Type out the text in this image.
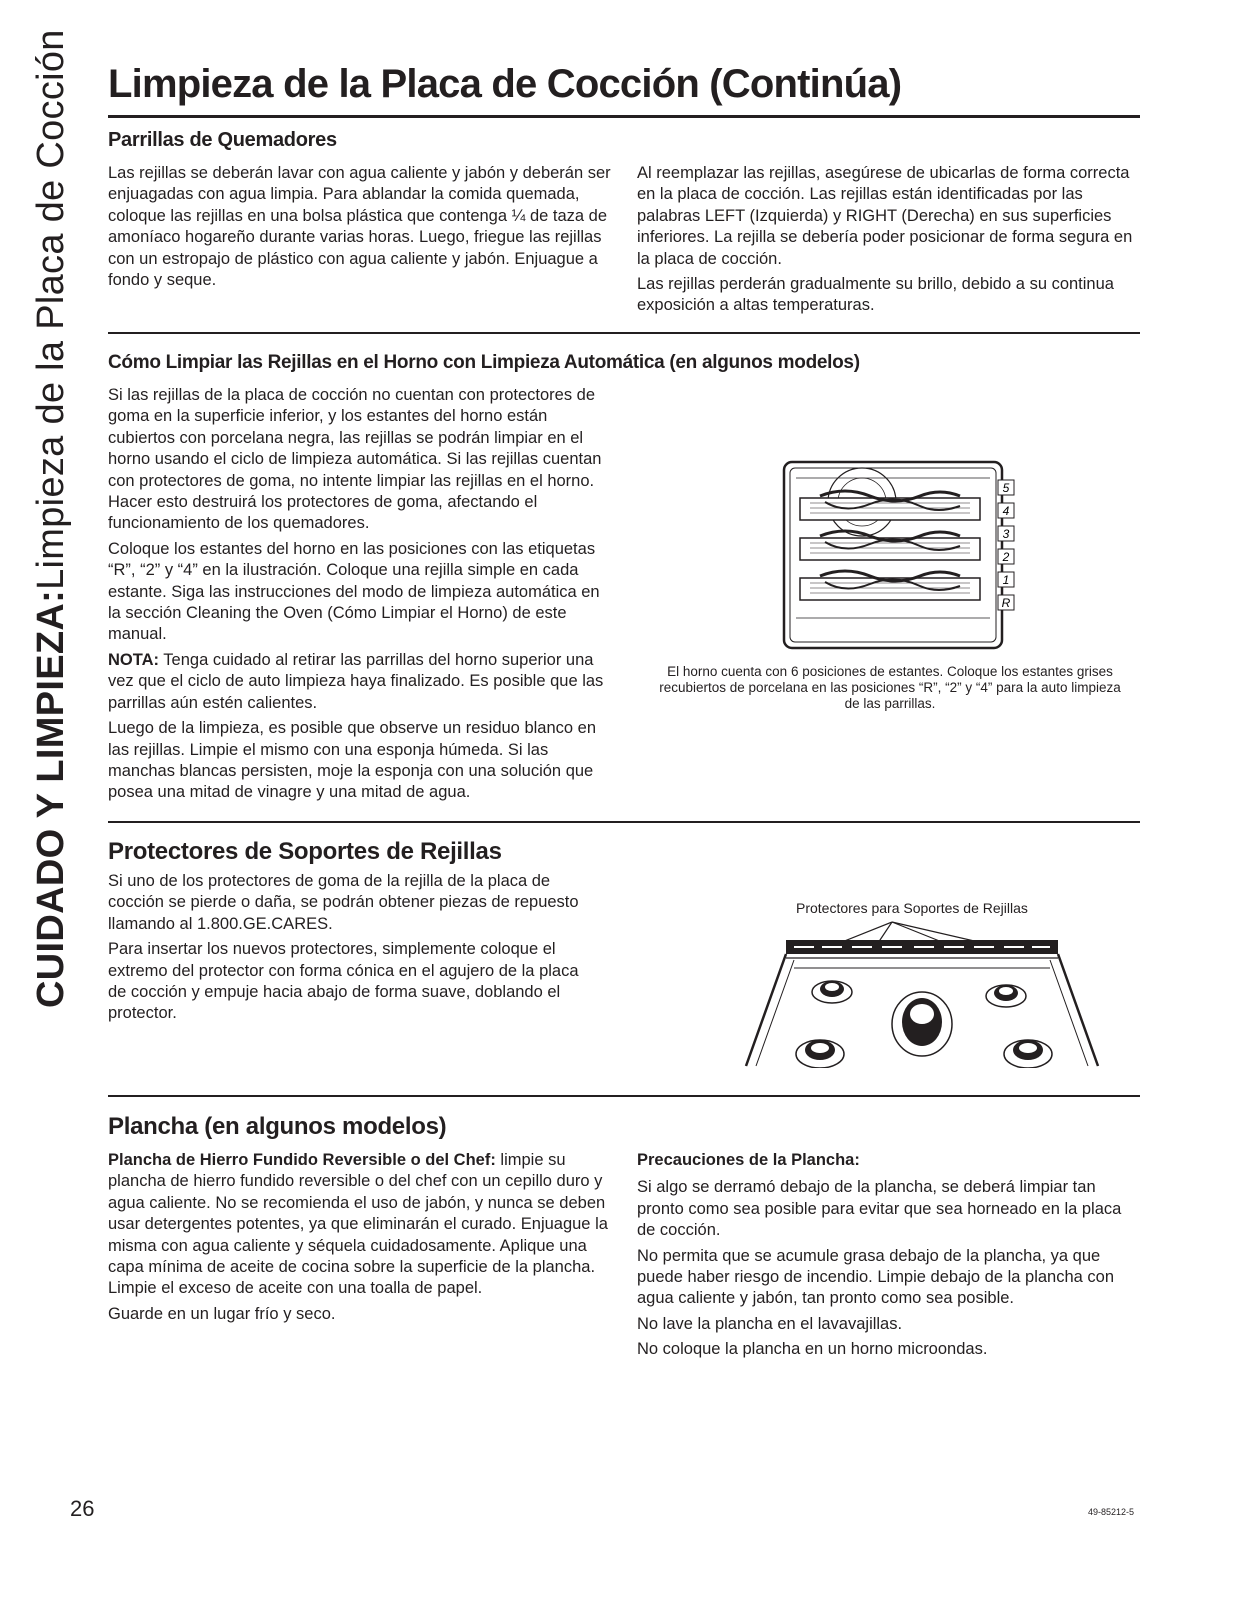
CUIDADO Y LIMPIEZA:Limpieza de la Placa de Cocción Limpieza de la Placa de Cocción (Continúa)
Parrillas de Quemadores

Las rejillas se deberán lavar con agua caliente y jabón y deberán ser enjuagadas con agua limpia. Para ablandar la comida quemada, coloque las rejillas en una bolsa plástica que contenga ¼ de taza de amoníaco hogareño durante varias horas. Luego, friegue las rejillas con un estropajo de plástico con agua caliente y jabón. Enjuague a fondo y seque.

Al reemplazar las rejillas, asegúrese de ubicarlas de forma correcta en la placa de cocción. Las rejillas están identificadas por las palabras LEFT (Izquierda) y RIGHT (Derecha) en sus superficies inferiores. La rejilla se debería poder posicionar de forma segura en la placa de cocción.

Las rejillas perderán gradualmente su brillo, debido a su continua exposición a altas temperaturas.

Cómo Limpiar las Rejillas en el Horno con Limpieza Automática (en algunos modelos)

Si las rejillas de la placa de cocción no cuentan con protectores de goma en la superficie inferior, y los estantes del horno están cubiertos con porcelana negra, las rejillas se podrán limpiar en el horno usando el ciclo de limpieza automática. Si las rejillas cuentan con protectores de goma, no intente limpiar las rejillas en el horno. Hacer esto destruirá los protectores de goma, afectando el funcionamiento de los quemadores.

Coloque los estantes del horno en las posiciones con las etiquetas “R”, “2” y “4” en la ilustración. Coloque una rejilla simple en cada estante. Siga las instrucciones del modo de limpieza automática en la sección Cleaning the Oven (Cómo Limpiar el Horno) de este manual.

NOTA: Tenga cuidado al retirar las parrillas del horno superior una vez que el ciclo de auto limpieza haya finalizado. Es posible que las parrillas aún estén calientes.

Luego de la limpieza, es posible que observe un residuo blanco en las rejillas. Limpie el mismo con una esponja húmeda. Si las manchas blancas persisten, moje la esponja con una solución que posea una mitad de vinagre y una mitad de agua.

5
4
3
2
1
R
El horno cuenta con 6 posiciones de estantes. Coloque los estantes grises recubiertos de porcelana en las posiciones “R”, “2” y “4” para la auto limpieza de las parrillas.
Protectores de Soportes de Rejillas

Si uno de los protectores de goma de la rejilla de la placa de cocción se pierde o daña, se podrán obtener piezas de repuesto llamando al 1.800.GE.CARES.

Para insertar los nuevos protectores, simplemente coloque el extremo del protector con forma cónica en el agujero de la placa de cocción y empuje hacia abajo de forma suave, doblando el protector.

Protectores para Soportes de Rejillas
Plancha (en algunos modelos)

Plancha de Hierro Fundido Reversible o del Chef: limpie su plancha de hierro fundido reversible o del chef con un cepillo duro y agua caliente. No se recomienda el uso de jabón, y nunca se deben usar detergentes potentes, ya que eliminarán el curado. Enjuague la misma con agua caliente y séquela cuidadosamente. Aplique una capa mínima de aceite de cocina sobre la superficie de la plancha. Limpie el exceso de aceite con una toalla de papel.

Guarde en un lugar frío y seco.

Precauciones de la Plancha:

Si algo se derramó debajo de la plancha, se deberá limpiar tan pronto como sea posible para evitar que sea horneado en la placa de cocción.

No permita que se acumule grasa debajo de la plancha, ya que puede haber riesgo de incendio. Limpie debajo de la plancha con agua caliente y jabón, tan pronto como sea posible.

No lave la plancha en el lavavajillas.

No coloque la plancha en un horno microondas.

26	49-85212-5
